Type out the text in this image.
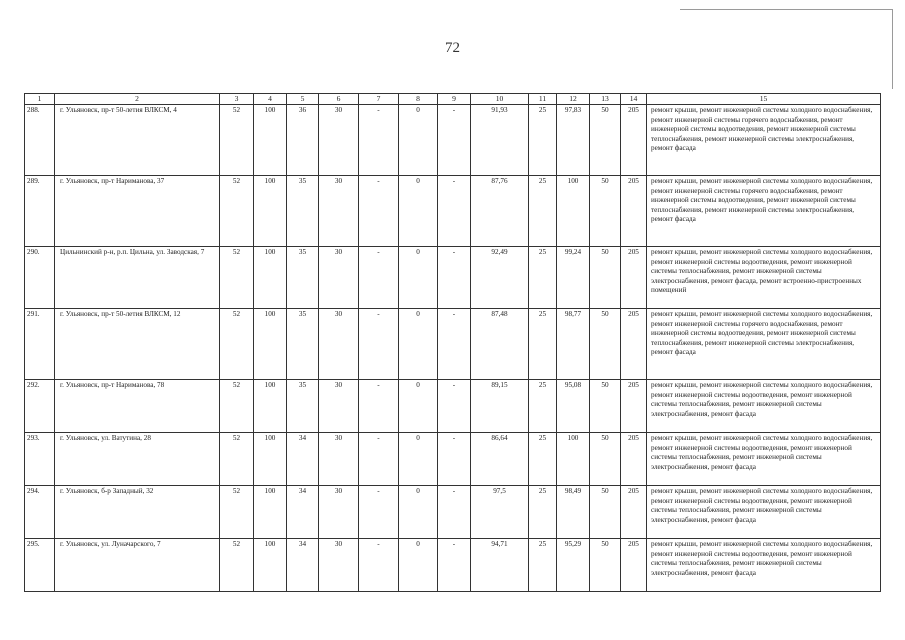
72
1	2	3	4	5	6	7	8	9	10	11	12	13	14	15
288.	г. Ульяновск, пр-т 50-летия ВЛКСМ, 4	52	100	36	30	-	0	-	91,93	25	97,83	50	205	ремонт крыши, ремонт инженерной системы холодного водоснабжения, ремонт инженерной системы горячего водоснабжения, ремонт инженерной системы водоотведения, ремонт инженерной системы теплоснабжения, ремонт инженерной системы электроснабжения, ремонт фасада
289.	г. Ульяновск, пр-т Нариманова, 37	52	100	35	30	-	0	-	87,76	25	100	50	205	ремонт крыши, ремонт инженерной системы холодного водоснабжения, ремонт инженерной системы горячего водоснабжения, ремонт инженерной системы водоотведения, ремонт инженерной системы теплоснабжения, ремонт инженерной системы электроснабжения, ремонт фасада
290.	Цильнинский р-н, р.п. Цильна, ул. Заводская, 7	52	100	35	30	-	0	-	92,49	25	99,24	50	205	ремонт крыши, ремонт инженерной системы холодного водоснабжения, ремонт инженерной системы водоотведения, ремонт инженерной системы теплоснабжения, ремонт инженерной системы электроснабжения, ремонт фасада, ремонт встроенно-пристроенных помещений
291.	г. Ульяновск, пр-т 50-летия ВЛКСМ, 12	52	100	35	30	-	0	-	87,48	25	98,77	50	205	ремонт крыши, ремонт инженерной системы холодного водоснабжения, ремонт инженерной системы горячего водоснабжения, ремонт инженерной системы водоотведения, ремонт инженерной системы теплоснабжения, ремонт инженерной системы электроснабжения, ремонт фасада
292.	г. Ульяновск, пр-т Нариманова, 78	52	100	35	30	-	0	-	89,15	25	95,08	50	205	ремонт крыши, ремонт инженерной системы холодного водоснабжения, ремонт инженерной системы водоотведения, ремонт инженерной системы теплоснабжения, ремонт инженерной системы электроснабжения, ремонт фасада
293.	г. Ульяновск, ул. Ватутина, 28	52	100	34	30	-	0	-	86,64	25	100	50	205	ремонт крыши, ремонт инженерной системы холодного водоснабжения, ремонт инженерной системы водоотведения, ремонт инженерной системы теплоснабжения, ремонт инженерной системы электроснабжения, ремонт фасада
294.	г. Ульяновск, б-р Западный, 32	52	100	34	30	-	0	-	97,5	25	98,49	50	205	ремонт крыши, ремонт инженерной системы холодного водоснабжения, ремонт инженерной системы водоотведения, ремонт инженерной системы теплоснабжения, ремонт инженерной системы электроснабжения, ремонт фасада
295.	г. Ульяновск, ул. Луначарского, 7	52	100	34	30	-	0	-	94,71	25	95,29	50	205	ремонт крыши, ремонт инженерной системы холодного водоснабжения, ремонт инженерной системы водоотведения, ремонт инженерной системы теплоснабжения, ремонт инженерной системы электроснабжения, ремонт фасада
